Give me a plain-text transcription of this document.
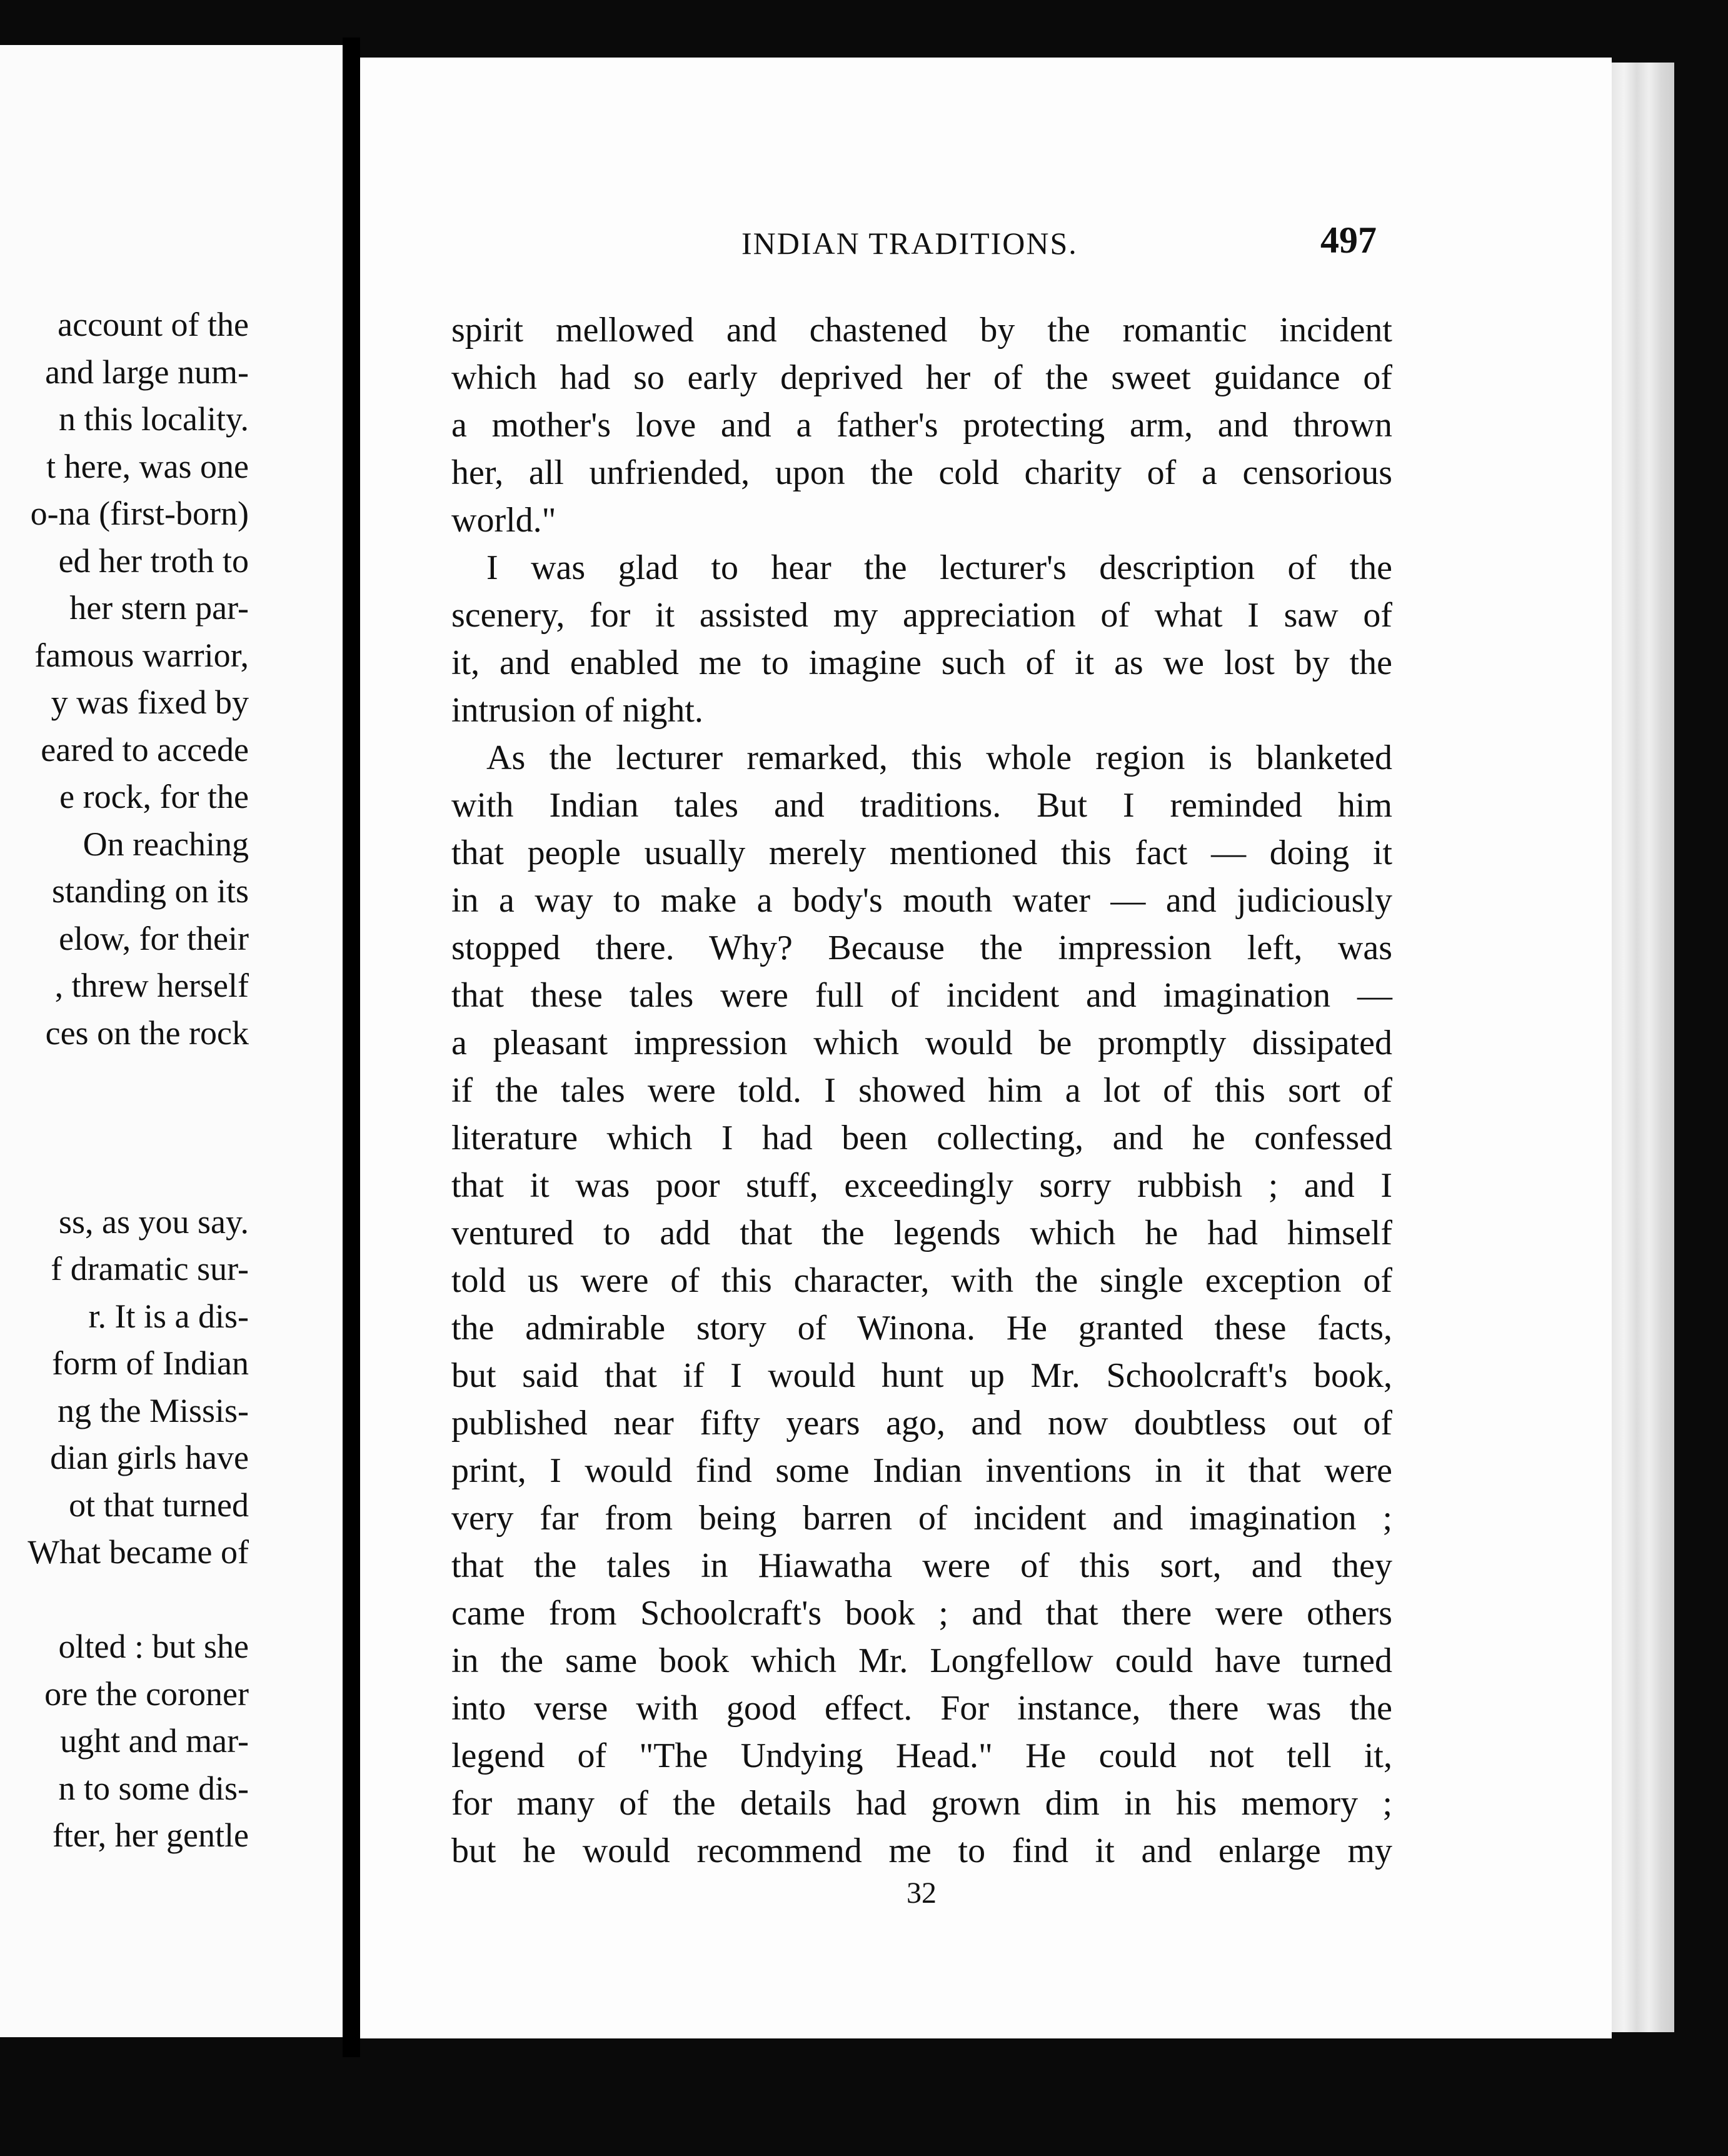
account of the
and large num-
n this locality.
t here, was one
o-na (first-born)
ed her troth to
her stern par-
famous warrior,
y was fixed by
eared to accede
e rock, for the
On reaching
standing on its
elow, for their
, threw herself
ces on the rock
ss, as you say.
f dramatic sur-
r. It is a dis-
form of Indian
ng the Missis-
dian girls have
ot that turned
What became of
olted : but she
ore the coroner
ught and mar-
n to some dis-
fter, her gentle
INDIAN TRADITIONS.	497
spirit mellowed and chastened by the romantic incident
which had so early deprived her of the sweet guidance of
a mother's love and a father's protecting arm, and thrown
her, all unfriended, upon the cold charity of a censorious
world."
I was glad to hear the lecturer's description of the
scenery, for it assisted my appreciation of what I saw of
it, and enabled me to imagine such of it as we lost by the
intrusion of night.
As the lecturer remarked, this whole region is blanketed
with Indian tales and traditions. But I reminded him
that people usually merely mentioned this fact — doing it
in a way to make a body's mouth water — and judiciously
stopped there. Why? Because the impression left, was
that these tales were full of incident and imagination —
a pleasant impression which would be promptly dissipated
if the tales were told. I showed him a lot of this sort of
literature which I had been collecting, and he confessed
that it was poor stuff, exceedingly sorry rubbish ; and I
ventured to add that the legends which he had himself
told us were of this character, with the single exception of
the admirable story of Winona. He granted these facts,
but said that if I would hunt up Mr. Schoolcraft's book,
published near fifty years ago, and now doubtless out of
print, I would find some Indian inventions in it that were
very far from being barren of incident and imagination ;
that the tales in Hiawatha were of this sort, and they
came from Schoolcraft's book ; and that there were others
in the same book which Mr. Longfellow could have turned
into verse with good effect. For instance, there was the
legend of "The Undying Head." He could not tell it,
for many of the details had grown dim in his memory ;
but he would recommend me to find it and enlarge my
32
